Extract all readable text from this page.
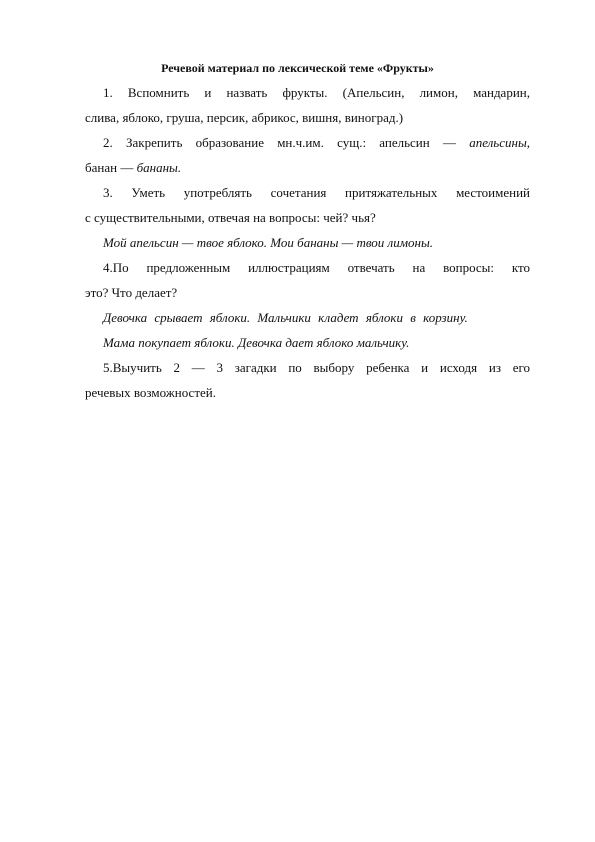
Речевой материал по лексической теме «Фрукты»

1. Вспомнить и назвать фрукты. (Апельсин, лимон, мандарин,

слива, яблоко, груша, персик, абрикос, вишня, виноград.)

2. Закрепить образование мн.ч.им. сущ.: апельсин — апельсины,

банан — бананы.

3. Уметь употреблять сочетания притяжательных местоимений

с существительными, отвечая на вопросы: чей? чья?

Мой апельсин — твое яблоко. Мои бананы — твои лимоны.

4.По предложенным иллюстрациям отвечать на вопросы: кто

это? Что делает?

Девочка срывает яблоки. Мальчики кладет яблоки в корзину.

Мама покупает яблоки. Девочка дает яблоко мальчику.

5.Выучить 2 — 3 загадки по выбору ребенка и исходя из его

речевых возможностей.
